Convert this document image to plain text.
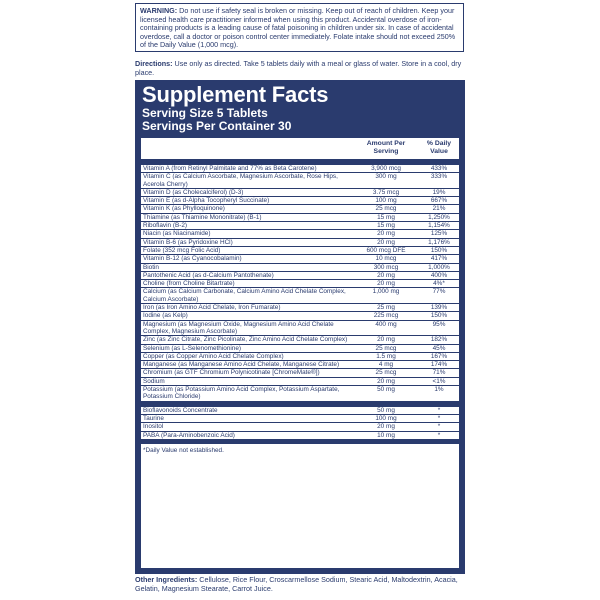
WARNING: Do not use if safety seal is broken or missing. Keep out of reach of children. Keep your licensed health care practitioner informed when using this product. Accidental overdose of iron-containing products is a leading cause of fatal poisoning in children under six. In case of accidental overdose, call a doctor or poison control center immediately. Folate intake should not exceed 250% of the Daily Value (1,000 mcg).
Directions: Use only as directed. Take 5 tablets daily with a meal or glass of water. Store in a cool, dry place.
Supplement Facts
Serving Size 5 Tablets
Servings Per Container 30
	Amount Per Serving	% Daily Value

Vitamin A (from Retinyl Palmitate and 77% as Beta Carotene)	3,900 mcg	433%
Vitamin C (as Calcium Ascorbate, Magnesium Ascorbate, Rose Hips, Acerola Cherry)	300 mg	333%
Vitamin D (as Cholecalciferol) (D-3)	3.75 mcg	19%
Vitamin E (as d-Alpha Tocopheryl Succinate)	100 mg	667%
Vitamin K (as Phylloquinone)	25 mcg	21%
Thiamine (as Thiamine Mononitrate) (B-1)	15 mg	1,250%
Riboflavin (B-2)	15 mg	1,154%
Niacin (as Niacinamide)	20 mg	125%
Vitamin B-6 (as Pyridoxine HCl)	20 mg	1,176%
Folate (352 mcg Folic Acid)	600 mcg DFE	150%
Vitamin B-12 (as Cyanocobalamin)	10 mcg	417%
Biotin	300 mcg	1,000%
Pantothenic Acid (as d-Calcium Pantothenate)	20 mg	400%
Choline (from Choline Bitartrate)	20 mg	4%*
Calcium (as Calcium Carbonate, Calcium Amino Acid Chelate Complex, Calcium Ascorbate)	1,000 mg	77%
Iron (as Iron Amino Acid Chelate, Iron Fumarate)	25 mg	139%
Iodine (as Kelp)	225 mcg	150%
Magnesium (as Magnesium Oxide, Magnesium Amino Acid Chelate Complex, Magnesium Ascorbate)	400 mg	95%
Zinc (as Zinc Citrate, Zinc Picolinate, Zinc Amino Acid Chelate Complex)	20 mg	182%
Selenium (as L-Selenomethionine)	25 mcg	45%
Copper (as Copper Amino Acid Chelate Complex)	1.5 mg	167%
Manganese (as Manganese Amino Acid Chelate, Manganese Citrate)	4 mg	174%
Chromium (as GTF Chromium Polynicotinate [ChromeMate®])	25 mcg	71%
Sodium	20 mg	<1%
Potassium (as Potassium Amino Acid Complex, Potassium Aspartate, Potassium Chloride)	50 mg	1%

Bioflavonoids Concentrate	50 mg	*
Taurine	100 mg	*
Inositol	20 mg	*
PABA (Para-Aminobenzoic Acid)	10 mg	*

*Daily Value not established.		
Other Ingredients: Cellulose, Rice Flour, Croscarmellose Sodium, Stearic Acid, Maltodextrin, Acacia, Gelatin, Magnesium Stearate, Carrot Juice.
